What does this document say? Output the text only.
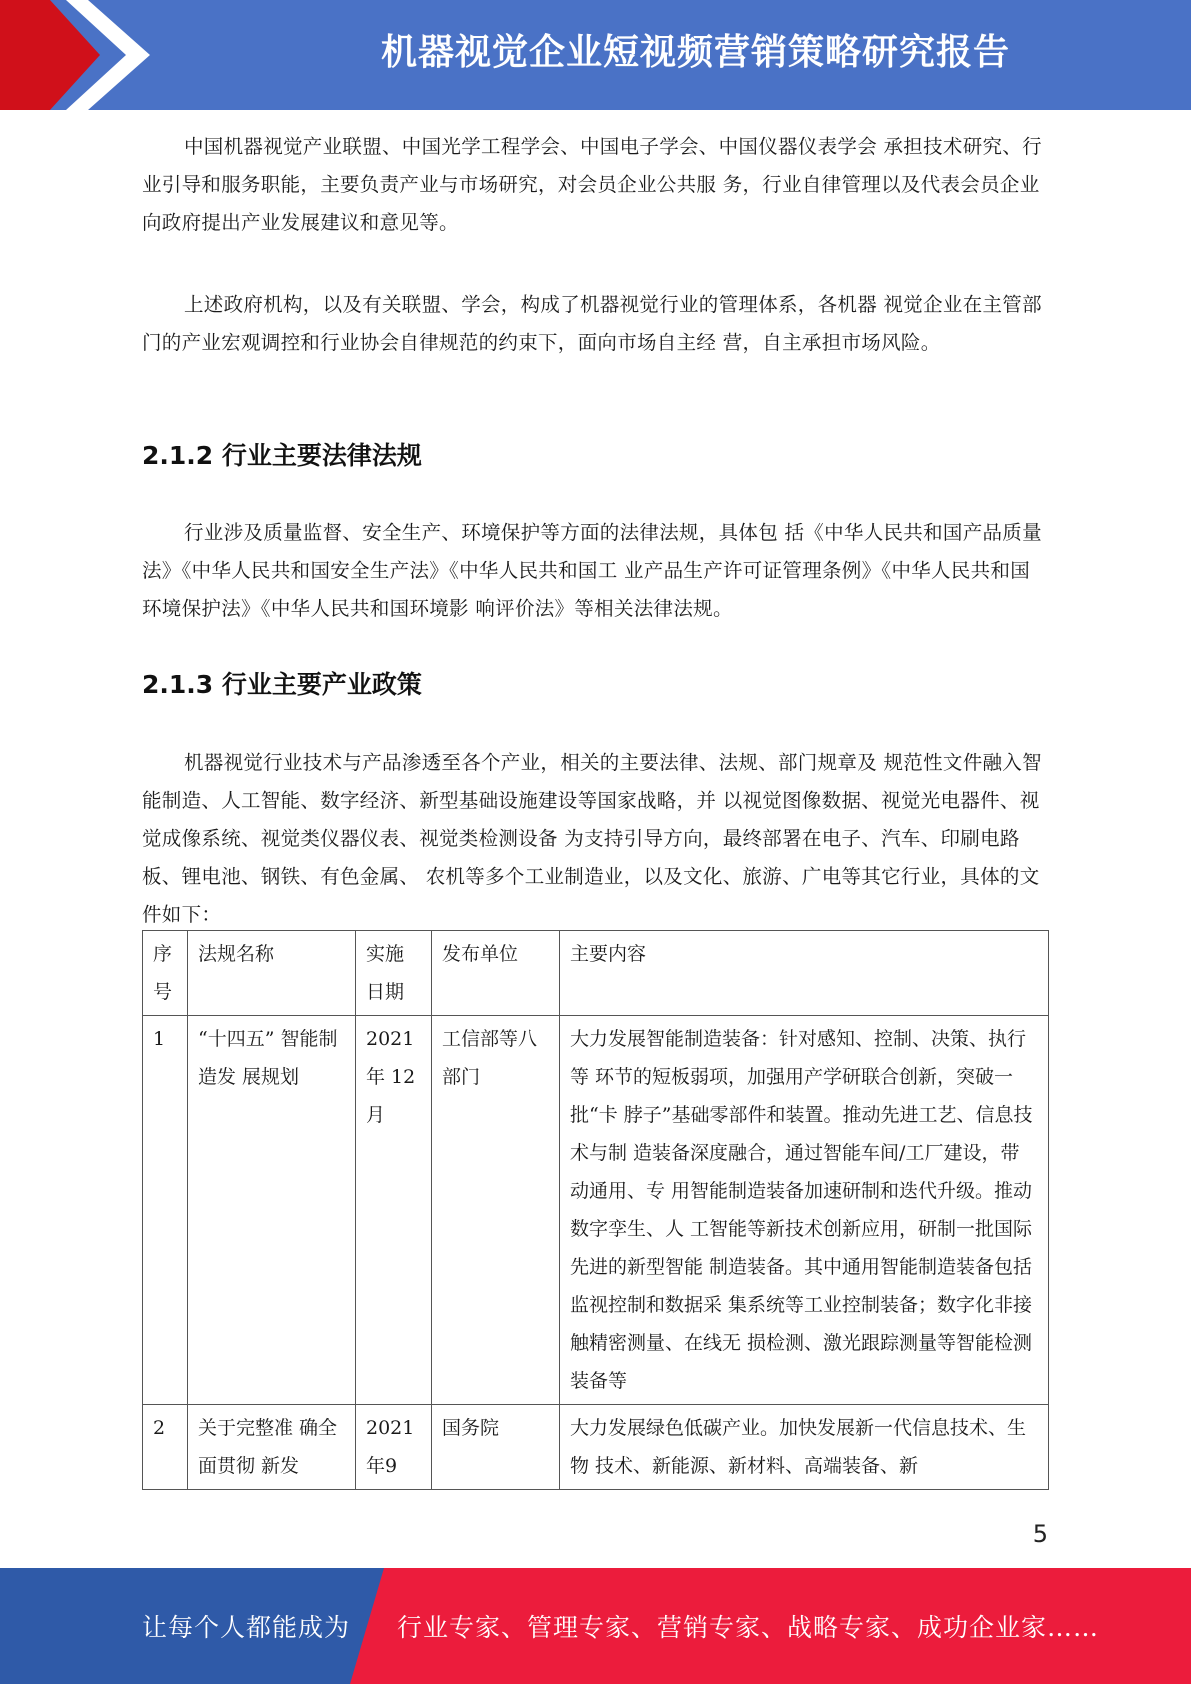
机器视觉企业短视频营销策略研究报告

中国机器视觉产业联盟、中国光学工程学会、中国电子学会、中国仪器仪表学会 承担技术研究、行业引导和服务职能，主要负责产业与市场研究，对会员企业公共服 务，行业自律管理以及代表会员企业向政府提出产业发展建议和意见等。

上述政府机构，以及有关联盟、学会，构成了机器视觉行业的管理体系，各机器 视觉企业在主管部门的产业宏观调控和行业协会自律规范的约束下，面向市场自主经 营，自主承担市场风险。

2.1.2 行业主要法律法规

行业涉及质量监督、安全生产、环境保护等方面的法律法规，具体包 括《中华人民共和国产品质量法》《中华人民共和国安全生产法》《中华人民共和国工 业产品生产许可证管理条例》《中华人民共和国环境保护法》《中华人民共和国环境影 响评价法》等相关法律法规。

2.1.3 行业主要产业政策

机器视觉行业技术与产品渗透至各个产业，相关的主要法律、法规、部门规章及 规范性文件融入智能制造、人工智能、数字经济、新型基础设施建设等国家战略，并 以视觉图像数据、视觉光电器件、视觉成像系统、视觉类仪器仪表、视觉类检测设备 为支持引导方向，最终部署在电子、汽车、印刷电路板、锂电池、钢铁、有色金属、 农机等多个工业制造业，以及文化、旅游、广电等其它行业，具体的文件如下：

序号	法规名称	实施日期	发布单位	主要内容
1	“十四五” 智能制造发 展规划	2021年 12月	工信部等八部门	大力发展智能制造装备：针对感知、控制、决策、执行等 环节的短板弱项，加强用产学研联合创新，突破一批“卡 脖子”基础零部件和装置。推动先进工艺、信息技术与制 造装备深度融合，通过智能车间/工厂建设，带动通用、专 用智能制造装备加速研制和迭代升级。推动数字孪生、人 工智能等新技术创新应用，研制一批国际先进的新型智能 制造装备。其中通用智能制造装备包括监视控制和数据采 集系统等工业控制装备；数字化非接触精密测量、在线无 损检测、激光跟踪测量等智能检测装备等
2	关于完整准 确全面贯彻 新发	2021年9	国务院	大力发展绿色低碳产业。加快发展新一代信息技术、生物 技术、新能源、新材料、高端装备、新
5
让每个人都能成为 行业专家、管理专家、营销专家、战略专家、成功企业家……
